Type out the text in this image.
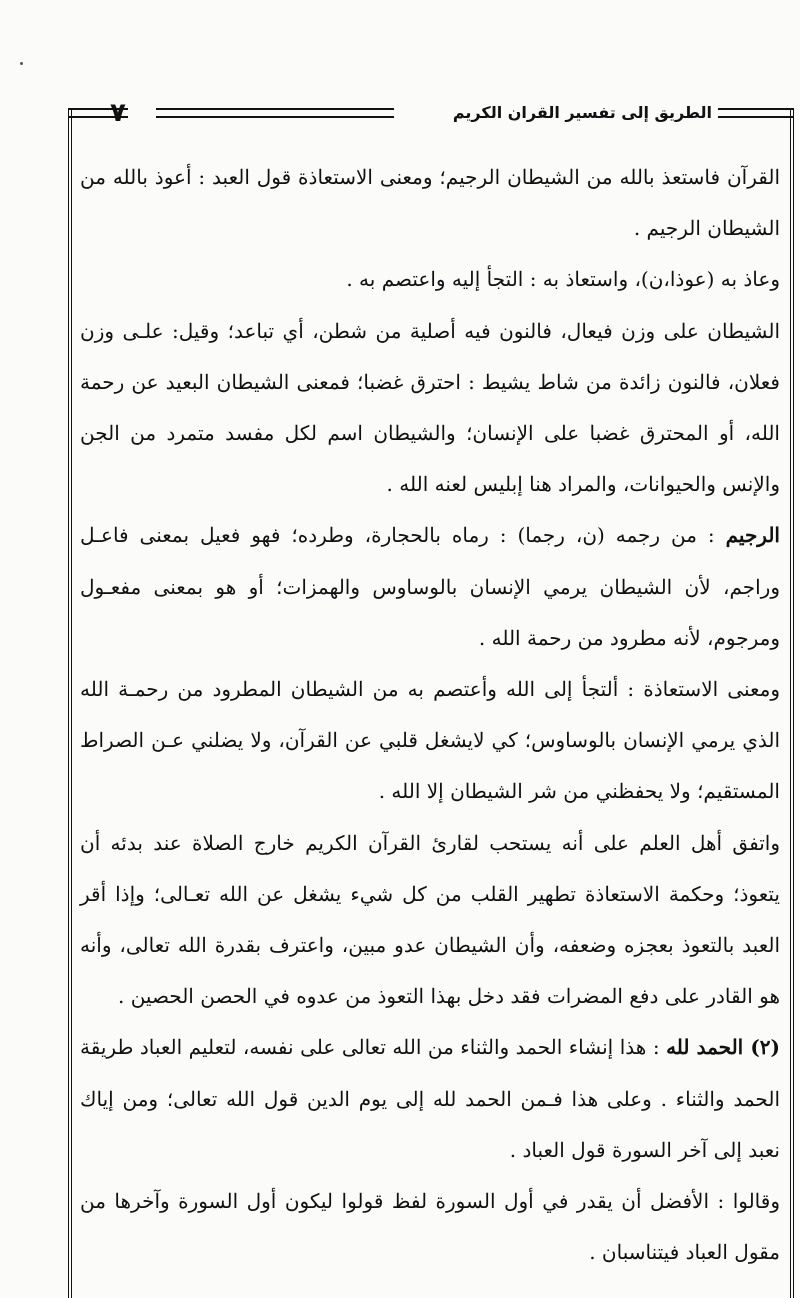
الطريق إلى تفسير القران الكريم
٧

القرآن فاستعذ بالله من الشيطان الرجيم؛ ومعنى الاستعاذة قول العبد : أعوذ بالله من الشيطان الرجيم .

وعاذ به (عوذا،ن)، واستعاذ به : التجأ إليه واعتصم به .

الشيطان على وزن فيعال، فالنون فيه أصلية من شطن، أي تباعد؛ وقيل: علـى وزن فعلان، فالنون زائدة من شاط يشيط : احترق غضبا؛ فمعنى الشيطان البعيد عن رحمة الله، أو المحترق غضبا على الإنسان؛ والشيطان اسم لكل مفسد متمرد من الجن والإنس والحيوانات، والمراد هنا إبليس لعنه الله .

الرجيم : من رجمه (ن، رجما) : رماه بالحجارة، وطرده؛ فهو فعيل بمعنى فاعـل وراجم، لأن الشيطان يرمي الإنسان بالوساوس والهمزات؛ أو هو بمعنى مفعـول ومرجوم، لأنه مطرود من رحمة الله .

ومعنى الاستعاذة : ألتجأ إلى الله وأعتصم به من الشيطان المطرود من رحمـة الله الذي يرمي الإنسان بالوساوس؛ كي لايشغل قلبي عن القرآن، ولا يضلني عـن الصراط المستقيم؛ ولا يحفظني من شر الشيطان إلا الله .

واتفق أهل العلم على أنه يستحب لقارئ القرآن الكريم خارج الصلاة عند بدئه أن يتعوذ؛ وحكمة الاستعاذة تطهير القلب من كل شيء يشغل عن الله تعـالى؛ وإذا أقر العبد بالتعوذ بعجزه وضعفه، وأن الشيطان عدو مبين، واعترف بقدرة الله تعالى، وأنه هو القادر على دفع المضرات فقد دخل بهذا التعوذ من عدوه في الحصن الحصين .

(٢) الحمد لله : هذا إنشاء الحمد والثناء من الله تعالى على نفسه، لتعليم العباد طريقة الحمد والثناء . وعلى هذا فـمن الحمد لله إلى يوم الدين قول الله تعالى؛ ومن إياك نعبد إلى آخر السورة قول العباد .

وقالوا : الأفضل أن يقدر في أول السورة لفظ قولوا ليكون أول السورة وآخرها من مقول العباد فيتناسبان .
